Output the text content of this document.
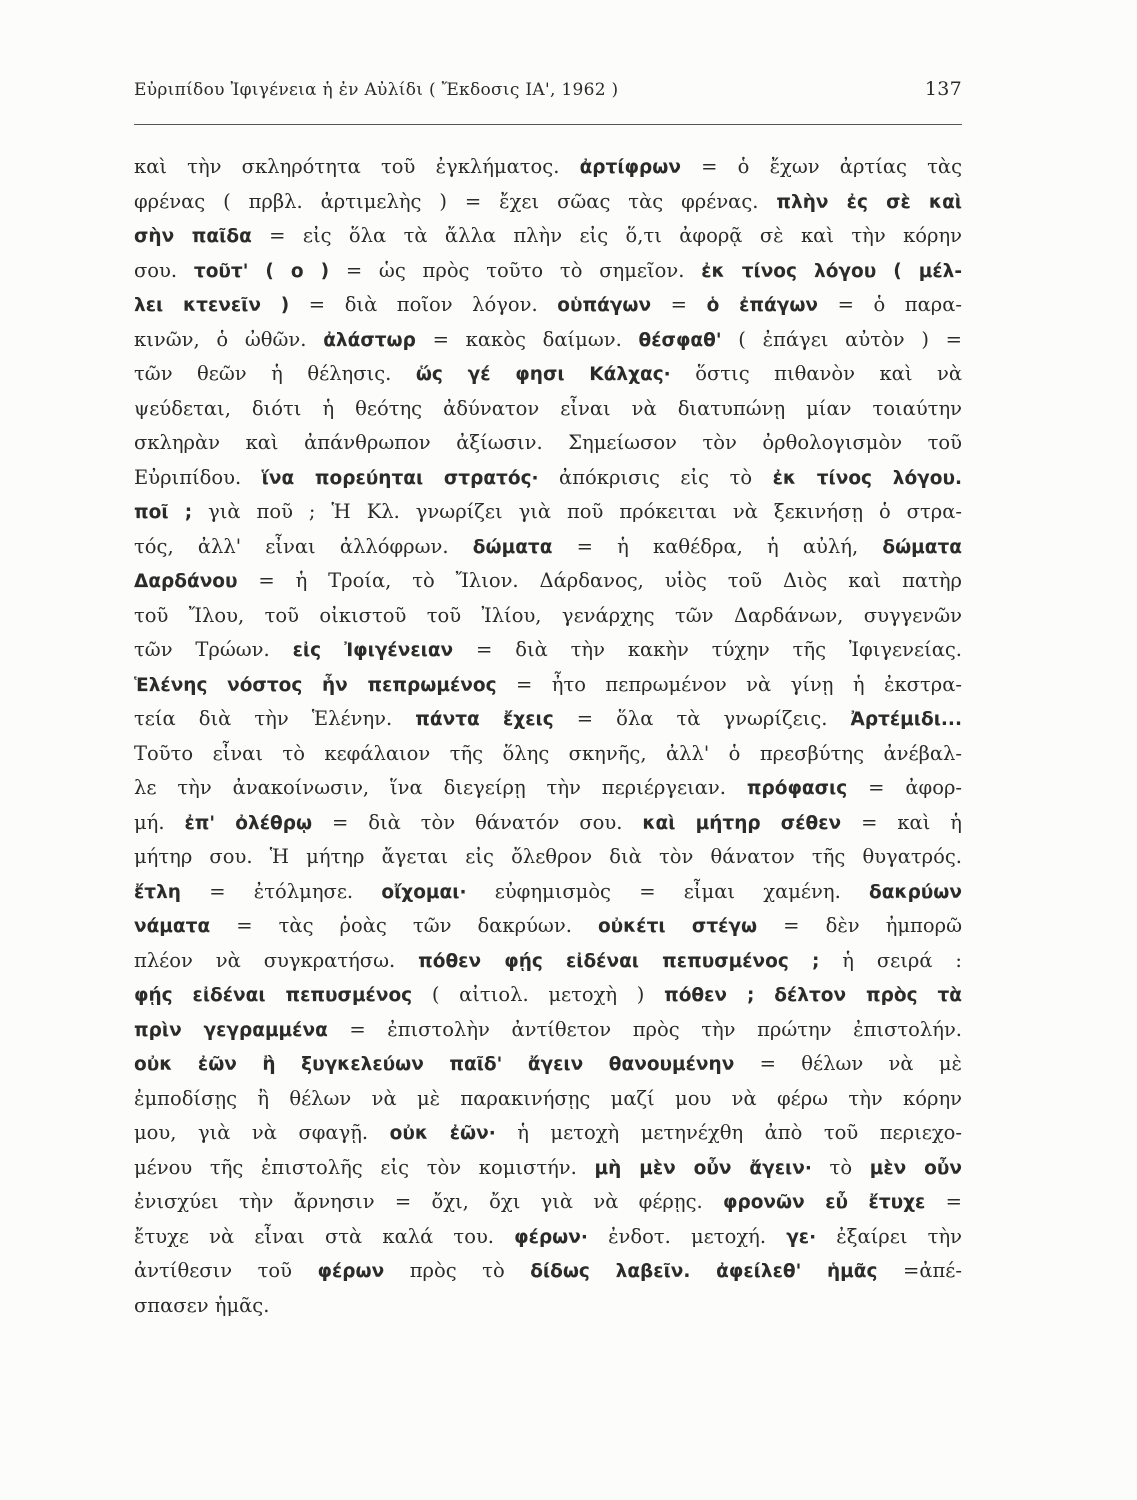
Εὐριπίδου Ἰφιγένεια ἡ ἐν Αὐλίδι ( Ἔκδοσις ΙΑ', 1962 )	137
καὶ τὴν σκληρότητα τοῦ ἐγκλήματος. ἀρτίφρων = ὁ ἔχων ἀρτίας τὰς
φρένας ( πρβλ. ἀρτιμελὴς ) = ἔχει σῶας τὰς φρένας. πλὴν ἐς σὲ καὶ
σὴν παῖδα = εἰς ὅλα τὰ ἄλλα πλὴν εἰς ὅ,τι ἀφορᾷ σὲ καὶ τὴν κόρην
σου. τοῦτ' ( ο ) = ὡς πρὸς τοῦτο τὸ σημεῖον. ἐκ τίνος λόγου ( μέλ-
λει κτενεῖν ) = διὰ ποῖον λόγον. οὑπάγων = ὁ ἐπάγων = ὁ παρα-
κινῶν, ὁ ὠθῶν. ἀλάστωρ = κακὸς δαίμων. θέσφαθ' ( ἐπάγει αὐτὸν ) =
τῶν θεῶν ἡ θέλησις. ὥς γέ φησι Κάλχας· ὅστις πιθανὸν καὶ νὰ
ψεύδεται, διότι ἡ θεότης ἀδύνατον εἶναι νὰ διατυπώνῃ μίαν τοιαύτην
σκληρὰν καὶ ἀπάνθρωπον ἀξίωσιν. Σημείωσον τὸν ὀρθολογισμὸν τοῦ
Εὐριπίδου. ἵνα πορεύηται στρατός· ἀπόκρισις εἰς τὸ ἐκ τίνος λόγου.
ποῖ ; γιὰ ποῦ ; Ἡ Κλ. γνωρίζει γιὰ ποῦ πρόκειται νὰ ξεκινήσῃ ὁ στρα-
τός, ἀλλ' εἶναι ἀλλόφρων. δώματα = ἡ καθέδρα, ἡ αὐλή, δώματα
Δαρδάνου = ἡ Τροία, τὸ Ἴλιον. Δάρδανος, υἱὸς τοῦ Διὸς καὶ πατὴρ
τοῦ Ἴλου, τοῦ οἰκιστοῦ τοῦ Ἰλίου, γενάρχης τῶν Δαρδάνων, συγγενῶν
τῶν Τρώων. εἰς Ἰφιγένειαν = διὰ τὴν κακὴν τύχην τῆς Ἰφιγενείας.
Ἑλένης νόστος ἦν πεπρωμένος = ἦτο πεπρωμένον νὰ γίνῃ ἡ ἐκστρα-
τεία διὰ τὴν Ἑλένην. πάντα ἔχεις = ὅλα τὰ γνωρίζεις. Ἀρτέμιδι...
Τοῦτο εἶναι τὸ κεφάλαιον τῆς ὅλης σκηνῆς, ἀλλ' ὁ πρεσβύτης ἀνέβαλ-
λε τὴν ἀνακοίνωσιν, ἵνα διεγείρῃ τὴν περιέργειαν. πρόφασις = ἀφορ-
μή. ἐπ' ὀλέθρῳ = διὰ τὸν θάνατόν σου. καὶ μήτηρ σέθεν = καὶ ἡ
μήτηρ σου. Ἡ μήτηρ ἄγεται εἰς ὄλεθρον διὰ τὸν θάνατον τῆς θυγατρός.
ἔτλη = ἐτόλμησε. οἴχομαι· εὐφημισμὸς = εἶμαι χαμένη. δακρύων
νάματα = τὰς ῥοὰς τῶν δακρύων. οὐκέτι στέγω = δὲν ἠμπορῶ
πλέον νὰ συγκρατήσω. πόθεν φῄς εἰδέναι πεπυσμένος ; ἡ σειρά :
φῄς εἰδέναι πεπυσμένος ( αἰτιολ. μετοχὴ ) πόθεν ; δέλτον πρὸς τὰ
πρὶν γεγραμμένα = ἐπιστολὴν ἀντίθετον πρὸς τὴν πρώτην ἐπιστολήν.
οὐκ ἐῶν ἢ ξυγκελεύων παῖδ' ἄγειν θανουμένην = θέλων νὰ μὲ
ἐμποδίσῃς ἢ θέλων νὰ μὲ παρακινήσῃς μαζί μου νὰ φέρω τὴν κόρην
μου, γιὰ νὰ σφαγῇ. οὐκ ἐῶν· ἡ μετοχὴ μετηνέχθη ἀπὸ τοῦ περιεχο-
μένου τῆς ἐπιστολῆς εἰς τὸν κομιστήν. μὴ μὲν οὖν ἄγειν· τὸ μὲν οὖν
ἐνισχύει τὴν ἄρνησιν = ὄχι, ὄχι γιὰ νὰ φέρῃς. φρονῶν εὖ ἔτυχε =
ἔτυχε νὰ εἶναι στὰ καλά του. φέρων· ἐνδοτ. μετοχή. γε· ἐξαίρει τὴν
ἀντίθεσιν τοῦ φέρων πρὸς τὸ δίδως λαβεῖν. ἀφείλεθ' ἡμᾶς =ἀπέ-
σπασεν ἡμᾶς.
